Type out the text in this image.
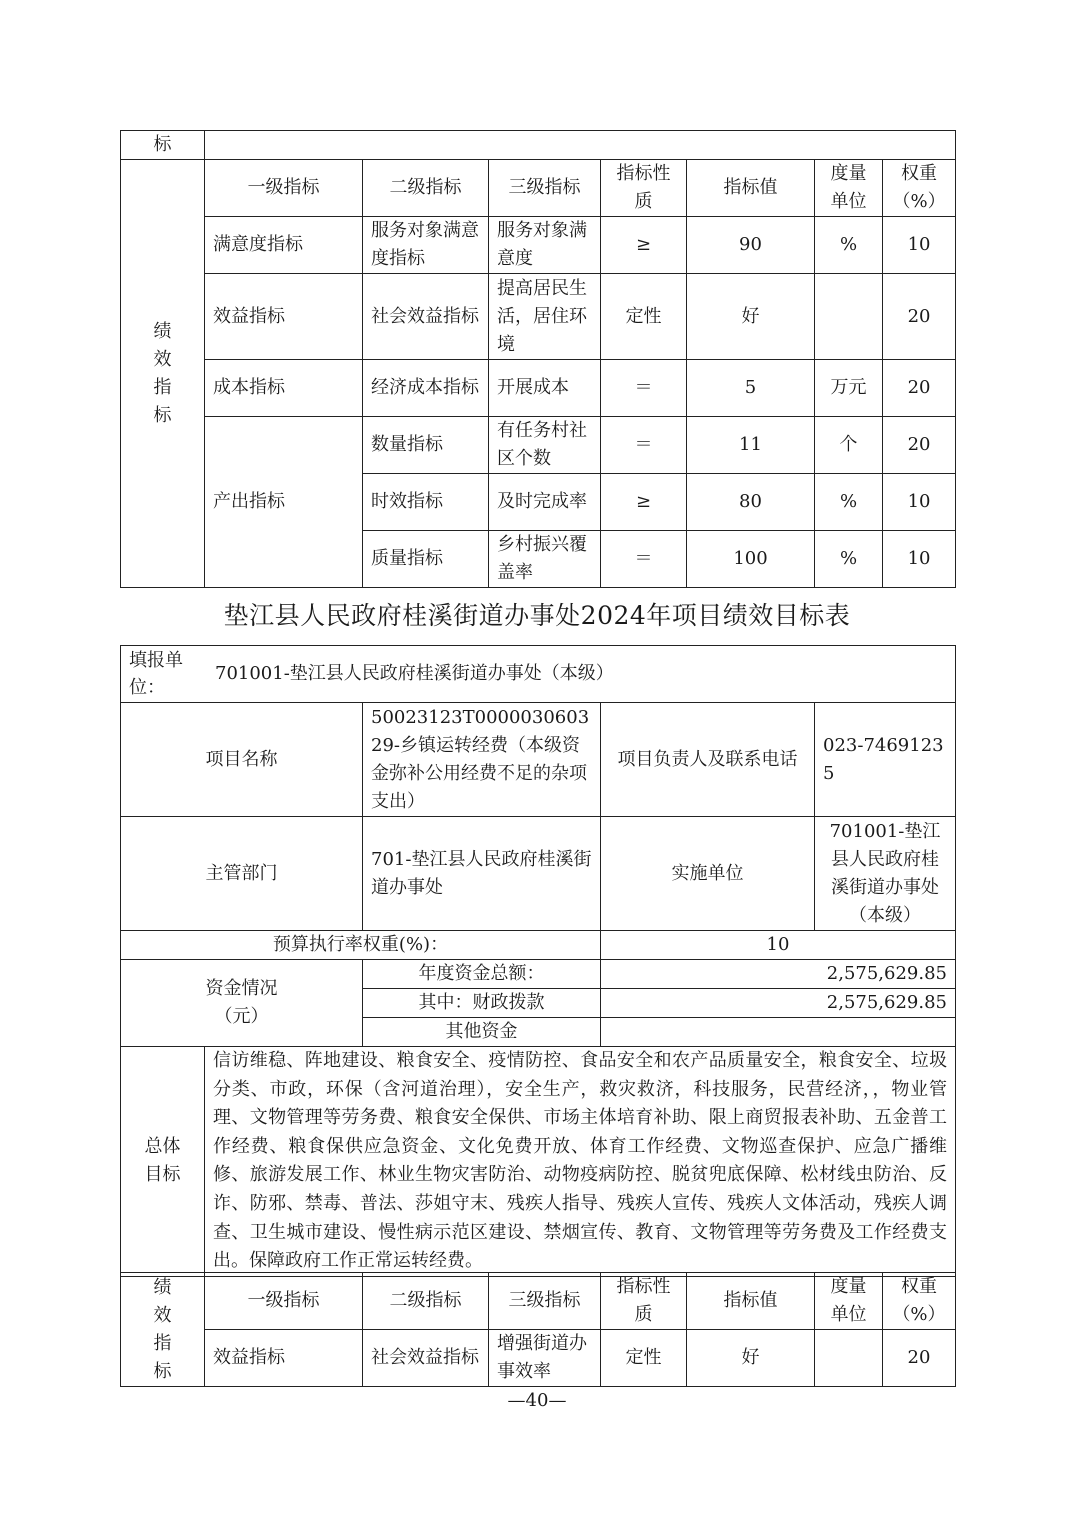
标							

绩效指标	一级指标	二级指标	三级指标	指标性质	指标值	度量单位	权重（%）
	满意度指标	服务对象满意度指标	服务对象满意度	≥	90	%	10
	效益指标	社会效益指标	提高居民生活，居住环境	定性	好		20
	成本指标	经济成本指标	开展成本	＝	5	万元	20
	产出指标	数量指标	有任务村社区个数	＝	11	个	20
		时效指标	及时完成率	≥	80	%	10
		质量指标	乡村振兴覆盖率	＝	100	%	10
垫江县人民政府桂溪街道办事处2024年项目绩效目标表
填报单位：
701001-垫江县人民政府桂溪街道办事处（本级）				

项目名称		50023123T000003060329-乡镇运转经费（本级资金弥补公用经费不足的杂项支出）	项目负责人及联系电话	023-74691235
主管部门		701-垫江县人民政府桂溪街道办事处	实施单位	701001-垫江县人民政府桂溪街道办事处（本级）
预算执行率权重(%)：			10	

资金情况（元）		年度资金总额：	2,575,629.85	
		其中：财政拨款	2,575,629.85	
		其他资金		

总体目标	信访维稳、阵地建设、粮食安全、疫情防控、食品安全和农产品质量安全，粮食安全、垃圾分类、市政，环保（含河道治理），安全生产，救灾救济，科技服务，民营经济，，物业管理、文物管理等劳务费、粮食安全保供、市场主体培育补助、限上商贸报表补助、五金普工作经费、粮食保供应急资金、文化免费开放、体育工作经费、文物巡查保护、应急广播维修、旅游发展工作、林业生物灾害防治、动物疫病防控、脱贫兜底保障、松材线虫防治、反诈、防邪、禁毒、普法、莎姐守末、残疾人指导、残疾人宣传、残疾人文体活动，残疾人调查、卫生城市建设、慢性病示范区建设、禁烟宣传、教育、文物管理等劳务费及工作经费支出。保障政府工作正常运转经费。			
绩效指标	一级指标	二级指标	三级指标	指标性质	指标值	度量单位	权重（%）
	效益指标	社会效益指标	增强街道办事效率	定性	好		20
—40—
